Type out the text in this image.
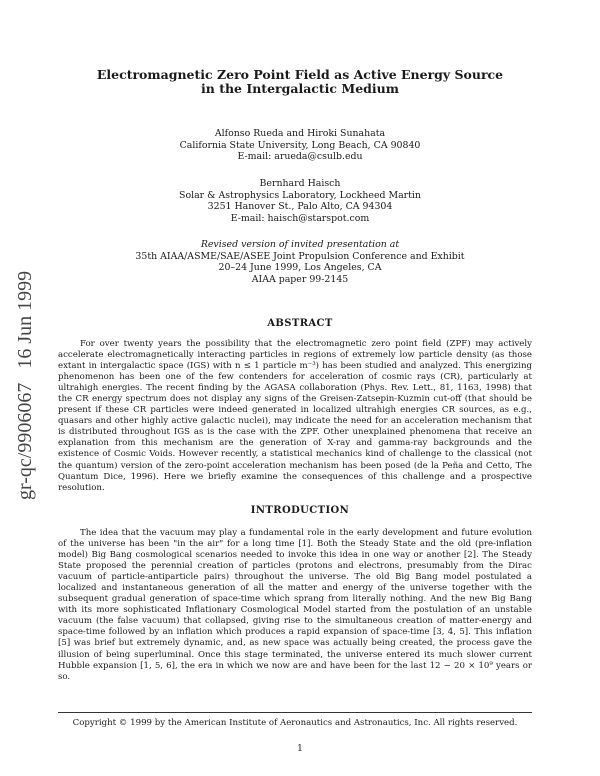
gr-qc/9906067
16 Jun 1999
Electromagnetic Zero Point Field as Active Energy Source
in the Intergalactic Medium
Alfonso Rueda and Hiroki Sunahata
California State University, Long Beach, CA 90840
E-mail: arueda@csulb.edu
Bernhard Haisch
Solar & Astrophysics Laboratory, Lockheed Martin
3251 Hanover St., Palo Alto, CA 94304
E-mail: haisch@starspot.com
Revised version of invited presentation at
35th AIAA/ASME/SAE/ASEE Joint Propulsion Conference and Exhibit
20–24 June 1999, Los Angeles, CA
AIAA paper 99-2145
ABSTRACT
For over twenty years the possibility that the electromagnetic zero point field (ZPF) may actively accelerate electromagnetically interacting particles in regions of extremely low particle density (as those extant in intergalactic space (IGS) with n ≤ 1 particle m⁻³) has been studied and analyzed. This energizing phenomenon has been one of the few contenders for acceleration of cosmic rays (CR), particularly at ultrahigh energies. The recent finding by the AGASA collaboration (Phys. Rev. Lett., 81, 1163, 1998) that the CR energy spectrum does not display any signs of the Greisen-Zatsepin-Kuzmin cut-off (that should be present if these CR particles were indeed generated in localized ultrahigh energies CR sources, as e.g., quasars and other highly active galactic nuclei), may indicate the need for an acceleration mechanism that is distributed throughout IGS as is the case with the ZPF. Other unexplained phenomena that receive an explanation from this mechanism are the generation of X-ray and gamma-ray backgrounds and the existence of Cosmic Voids. However recently, a statistical mechanics kind of challenge to the classical (not the quantum) version of the zero-point acceleration mechanism has been posed (de la Peña and Cetto, The Quantum Dice, 1996). Here we briefly examine the consequences of this challenge and a prospective resolution.
INTRODUCTION
The idea that the vacuum may play a fundamental role in the early development and future evolution of the universe has been "in the air" for a long time [1]. Both the Steady State and the old (pre-inflation model) Big Bang cosmological scenarios needed to invoke this idea in one way or another [2]. The Steady State proposed the perennial creation of particles (protons and electrons, presumably from the Dirac vacuum of particle-antiparticle pairs) throughout the universe. The old Big Bang model postulated a localized and instantaneous generation of all the matter and energy of the universe together with the subsequent gradual generation of space-time which sprang from literally nothing. And the new Big Bang with its more sophisticated Inflationary Cosmological Model started from the postulation of an unstable vacuum (the false vacuum) that collapsed, giving rise to the simultaneous creation of matter-energy and space-time followed by an inflation which produces a rapid expansion of space-time [3, 4, 5]. This inflation [5] was brief but extremely dynamic, and, as new space was actually being created, the process gave the illusion of being superluminal. Once this stage terminated, the universe entered its much slower current Hubble expansion [1, 5, 6], the era in which we now are and have been for the last 12 − 20 × 10⁹ years or so.
Copyright © 1999 by the American Institute of Aeronautics and Astronautics, Inc. All rights reserved.
1
